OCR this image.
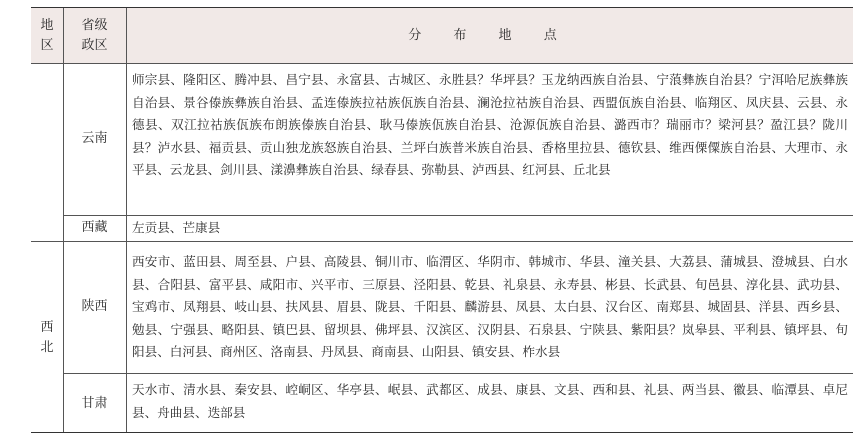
地
区
省级
政区
分 布 地 点
云南
师宗县、隆阳区、腾冲县、昌宁县、永富县、古城区、永胜县？华坪县？玉龙纳西族自治县、宁蒗彝族自治县？宁洱哈尼族彝族自治县、景谷傣族彝族自治县、孟连傣族拉祜族佤族自治县、澜沧拉祜族自治县、西盟佤族自治县、临翔区、凤庆县、云县、永德县、双江拉祜族佤族布朗族傣族自治县、耿马傣族佤族自治县、沧源佤族自治县、潞西市？瑞丽市？梁河县？盈江县？陇川县？泸水县、福贡县、贡山独龙族怒族自治县、兰坪白族普米族自治县、香格里拉县、德钦县、维西傈僳族自治县、大理市、永平县、云龙县、剑川县、漾濞彝族自治县、绿春县、弥勒县、泸西县、红河县、丘北县
西藏 左贡县、芒康县
西
北
陕西
西安市、蓝田县、周至县、户县、高陵县、铜川市、临渭区、华阴市、韩城市、华县、潼关县、大荔县、蒲城县、澄城县、白水县、合阳县、富平县、咸阳市、兴平市、三原县、泾阳县、乾县、礼泉县、永寿县、彬县、长武县、旬邑县、淳化县、武功县、宝鸡市、凤翔县、岐山县、扶风县、眉县、陇县、千阳县、麟游县、凤县、太白县、汉台区、南郑县、城固县、洋县、西乡县、勉县、宁强县、略阳县、镇巴县、留坝县、佛坪县、汉滨区、汉阴县、石泉县、宁陕县、紫阳县？岚皋县、平利县、镇坪县、旬阳县、白河县、商州区、洛南县、丹凤县、商南县、山阳县、镇安县、柞水县
甘肃
天水市、清水县、秦安县、崆峒区、华亭县、岷县、武都区、成县、康县、文县、西和县、礼县、两当县、徽县、临潭县、卓尼县、舟曲县、迭部县
